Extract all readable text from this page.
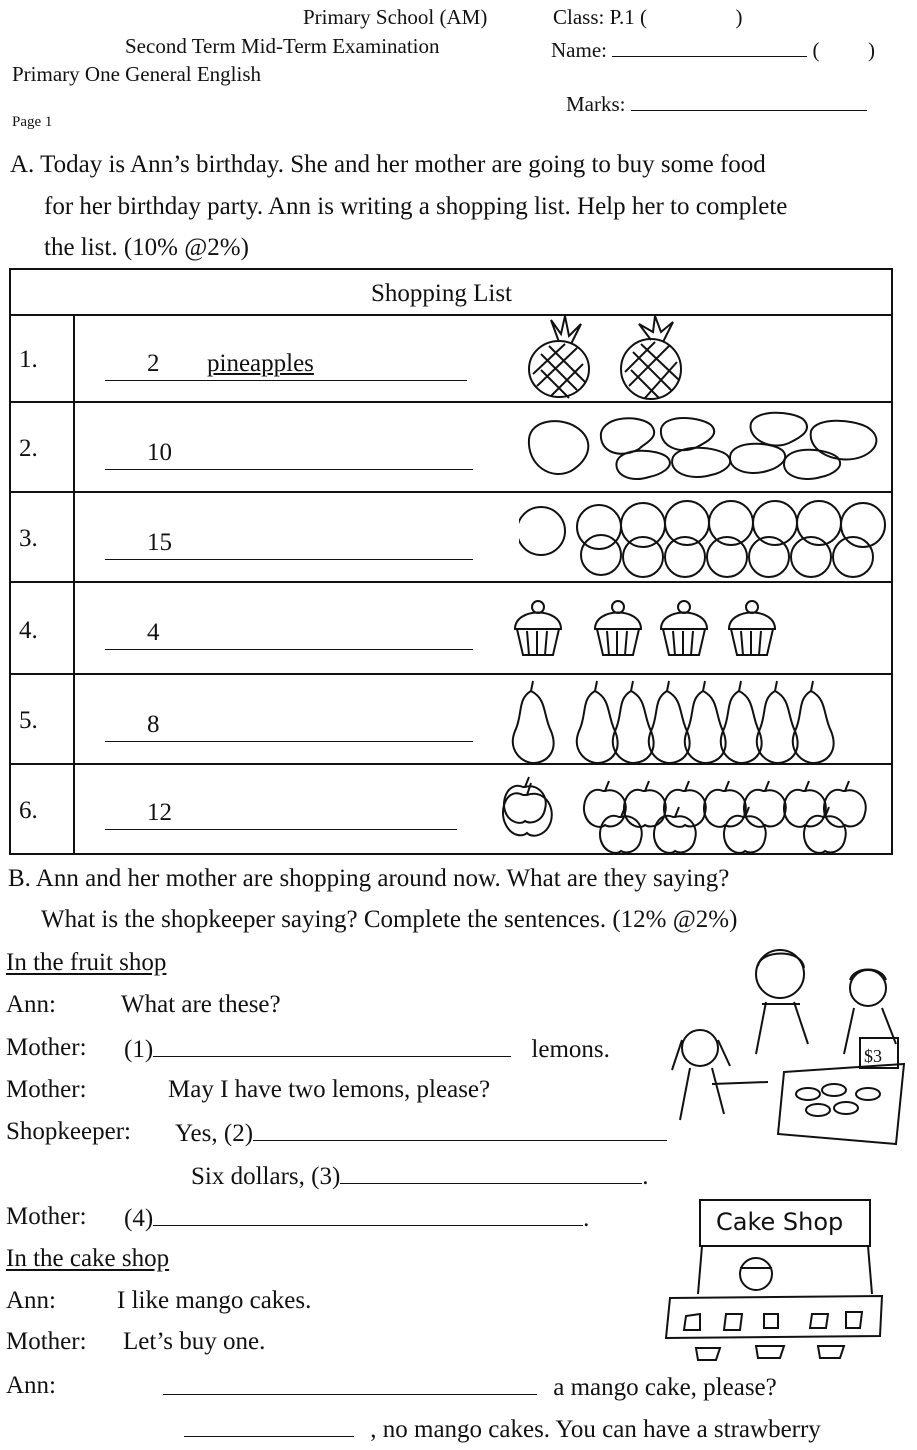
Primary School (AM)
Second Term Mid-Term Examination
Primary One General English
Class: P.1 (	)
Name:	( )
Marks:
Page 1
A. Today is Ann’s birthday. She and her mother are going to buy some food
for her birthday party. Ann is writing a shopping list. Help her to complete
the list. (10% @2%)
Shopping List
1.	2 pineapples
2.	10
3.	15
4.	4
5.	8
6.	12
B. Ann and her mother are shopping around now. What are they saying?
What is the shopkeeper saying? Complete the sentences. (12% @2%)
In the fruit shop
Ann:	What are these?
Mother: (1)	lemons.
Mother:	May I have two lemons, please?
Shopkeeper: Yes, (2)
Six dollars, (3)	.
Mother: (4)	.
In the cake shop
Ann: I like mango cakes.
Mother: Let’s buy one.
Ann:	a mango cake, please?
, no mango cakes. You can have a strawberry
$3
Cake Shop
